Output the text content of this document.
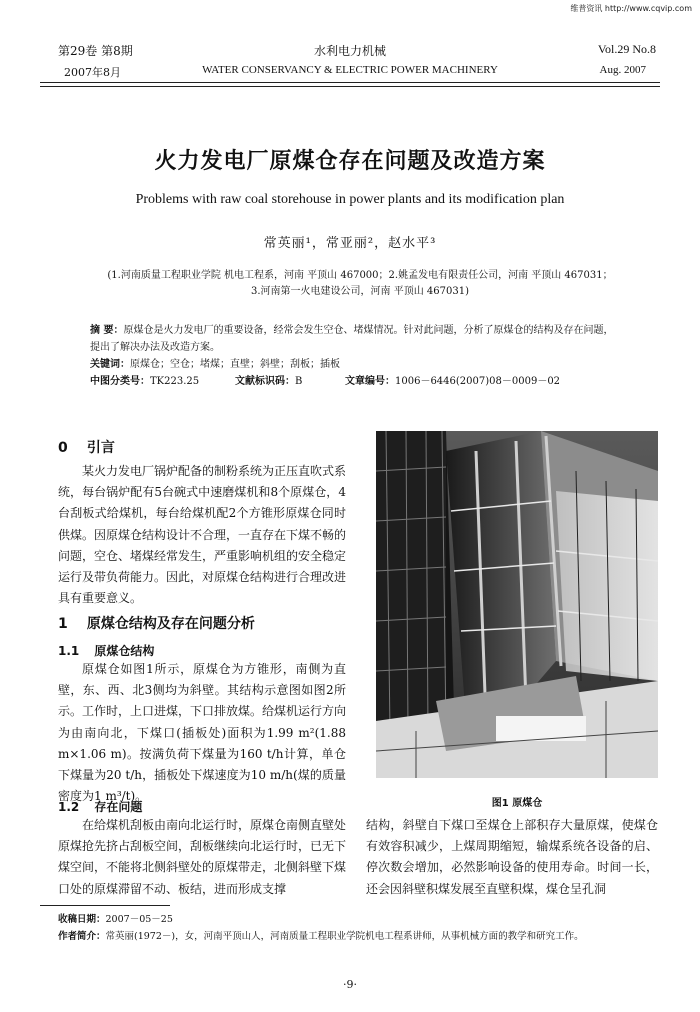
维普资讯 http://www.cqvip.com
第29卷 第8期
2007年8月
水利电力机械
WATER CONSERVANCY & ELECTRIC POWER MACHINERY
Vol.29 No.8
Aug. 2007
火力发电厂原煤仓存在问题及改造方案
Problems with raw coal storehouse in power plants and its modification plan
常英丽¹，常亚丽²，赵水平³
(1.河南质量工程职业学院 机电工程系，河南 平顶山 467000；2.姚孟发电有限责任公司，河南 平顶山 467031；
3.河南第一火电建设公司，河南 平顶山 467031)
摘 要：原煤仓是火力发电厂的重要设备，经常会发生空仓、堵煤情况。针对此问题，分析了原煤仓的结构及存在问题，提出了解决办法及改造方案。
关键词：原煤仓；空仓；堵煤；直壁；斜壁；刮板；插板
中图分类号：TK223.25	文献标识码：B	文章编号：1006－6446(2007)08－0009－02
0 引言
某火力发电厂锅炉配备的制粉系统为正压直吹式系统，每台锅炉配有5台碗式中速磨煤机和8个原煤仓，4台刮板式给煤机，每台给煤机配2个方锥形原煤仓同时供煤。因原煤仓结构设计不合理，一直存在下煤不畅的问题，空仓、堵煤经常发生，严重影响机组的安全稳定运行及带负荷能力。因此，对原煤仓结构进行合理改进具有重要意义。
1 原煤仓结构及存在问题分析
1.1 原煤仓结构
原煤仓如图1所示，原煤仓为方锥形，南侧为直壁，东、西、北3侧均为斜壁。其结构示意图如图2所示。工作时，上口进煤，下口排放煤。给煤机运行方向为由南向北，下煤口(插板处)面积为1.99 m²(1.88 m×1.06 m)。按满负荷下煤量为160 t/h计算，单仓下煤量为20 t/h，插板处下煤速度为10 m/h(煤的质量密度为1 m³/t)。
1.2 存在问题
在给煤机刮板由南向北运行时，原煤仓南侧直壁处原煤抢先挤占刮板空间，刮板继续向北运行时，已无下煤空间，不能将北侧斜壁处的原煤带走，北侧斜壁下煤口处的原煤滞留不动、板结，进而形成支撑
图1 原煤仓
结构，斜壁自下煤口至煤仓上部积存大量原煤，使煤仓有效容积减少，上煤周期缩短，输煤系统各设备的启、停次数会增加，必然影响设备的使用寿命。时间一长，还会因斜壁积煤发展至直壁积煤，煤仓呈孔洞
收稿日期：2007－05－25
作者简介：常英丽(1972－)，女，河南平顶山人，河南质量工程职业学院机电工程系讲师，从事机械方面的教学和研究工作。
·9·
